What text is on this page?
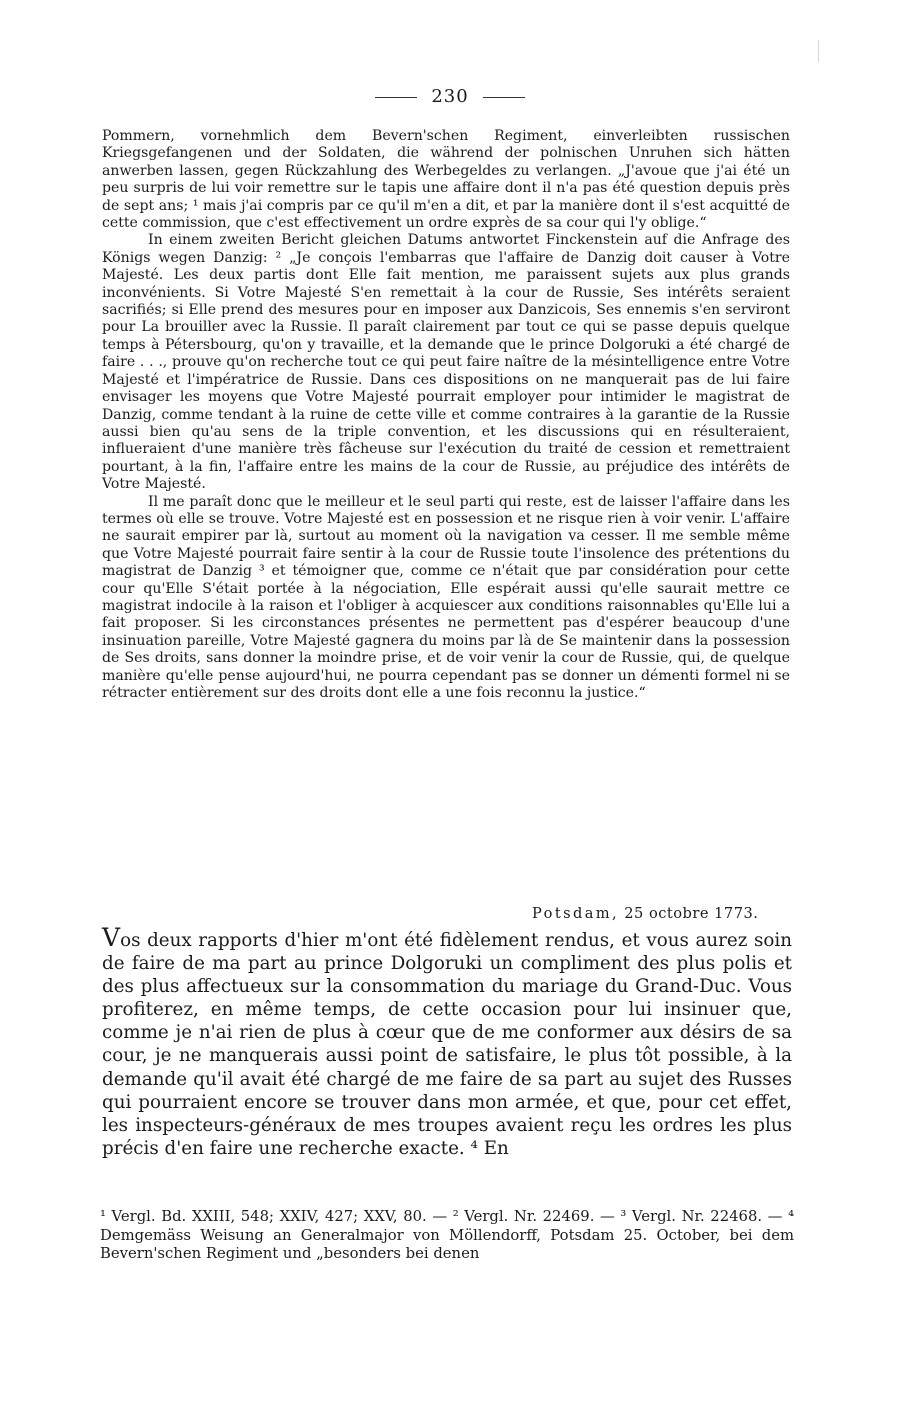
230

Pommern, vornehmlich dem Bevern'schen Regiment, einverleibten russischen Kriegsgefangenen und der Soldaten, die während der polnischen Unruhen sich hätten anwerben lassen, gegen Rückzahlung des Werbegeldes zu verlangen. „J'avoue que j'ai été un peu surpris de lui voir remettre sur le tapis une affaire dont il n'a pas été question depuis près de sept ans; ¹ mais j'ai compris par ce qu'il m'en a dit, et par la manière dont il s'est acquitté de cette commission, que c'est effectivement un ordre exprès de sa cour qui l'y oblige.“

In einem zweiten Bericht gleichen Datums antwortet Finckenstein auf die Anfrage des Königs wegen Danzig: ² „Je conçois l'embarras que l'affaire de Danzig doit causer à Votre Majesté. Les deux partis dont Elle fait mention, me paraissent sujets aux plus grands inconvénients. Si Votre Majesté S'en remettait à la cour de Russie, Ses intérêts seraient sacrifiés; si Elle prend des mesures pour en imposer aux Danzicois, Ses ennemis s'en serviront pour La brouiller avec la Russie. Il paraît clairement par tout ce qui se passe depuis quelque temps à Pétersbourg, qu'on y travaille, et la demande que le prince Dolgoruki a été chargé de faire . . ., prouve qu'on recherche tout ce qui peut faire naître de la mésintelligence entre Votre Majesté et l'impératrice de Russie. Dans ces dispositions on ne manquerait pas de lui faire envisager les moyens que Votre Majesté pourrait employer pour intimider le magistrat de Danzig, comme tendant à la ruine de cette ville et comme contraires à la garantie de la Russie aussi bien qu'au sens de la triple convention, et les discussions qui en résulteraient, influeraient d'une manière très fâcheuse sur l'exécution du traité de cession et remettraient pourtant, à la fin, l'affaire entre les mains de la cour de Russie, au préjudice des intérêts de Votre Majesté.

Il me paraît donc que le meilleur et le seul parti qui reste, est de laisser l'affaire dans les termes où elle se trouve. Votre Majesté est en possession et ne risque rien à voir venir. L'affaire ne saurait empirer par là, surtout au moment où la navigation va cesser. Il me semble même que Votre Majesté pourrait faire sentir à la cour de Russie toute l'insolence des prétentions du magistrat de Danzig ³ et témoigner que, comme ce n'était que par considération pour cette cour qu'Elle S'était portée à la négociation, Elle espérait aussi qu'elle saurait mettre ce magistrat indocile à la raison et l'obliger à acquiescer aux conditions raisonnables qu'Elle lui a fait proposer. Si les circonstances présentes ne permettent pas d'espérer beaucoup d'une insinuation pareille, Votre Majesté gagnera du moins par là de Se maintenir dans la possession de Ses droits, sans donner la moindre prise, et de voir venir la cour de Russie, qui, de quelque manière qu'elle pense aujourd'hui, ne pourra cependant pas se donner un démenti formel ni se rétracter entièrement sur des droits dont elle a une fois reconnu la justice.“

Potsdam, 25 octobre 1773.

Vos deux rapports d'hier m'ont été fidèlement rendus, et vous aurez soin de faire de ma part au prince Dolgoruki un compliment des plus polis et des plus affectueux sur la consommation du mariage du Grand-Duc. Vous profiterez, en même temps, de cette occasion pour lui insinuer que, comme je n'ai rien de plus à cœur que de me conformer aux désirs de sa cour, je ne manquerais aussi point de satisfaire, le plus tôt possible, à la demande qu'il avait été chargé de me faire de sa part au sujet des Russes qui pourraient encore se trouver dans mon armée, et que, pour cet effet, les inspecteurs-généraux de mes troupes avaient reçu les ordres les plus précis d'en faire une recherche exacte. ⁴ En

¹ Vergl. Bd. XXIII, 548; XXIV, 427; XXV, 80. — ² Vergl. Nr. 22469. — ³ Vergl. Nr. 22468. — ⁴ Demgemäss Weisung an Generalmajor von Möllendorff, Potsdam 25. October, bei dem Bevern'schen Regiment und „besonders bei denen
